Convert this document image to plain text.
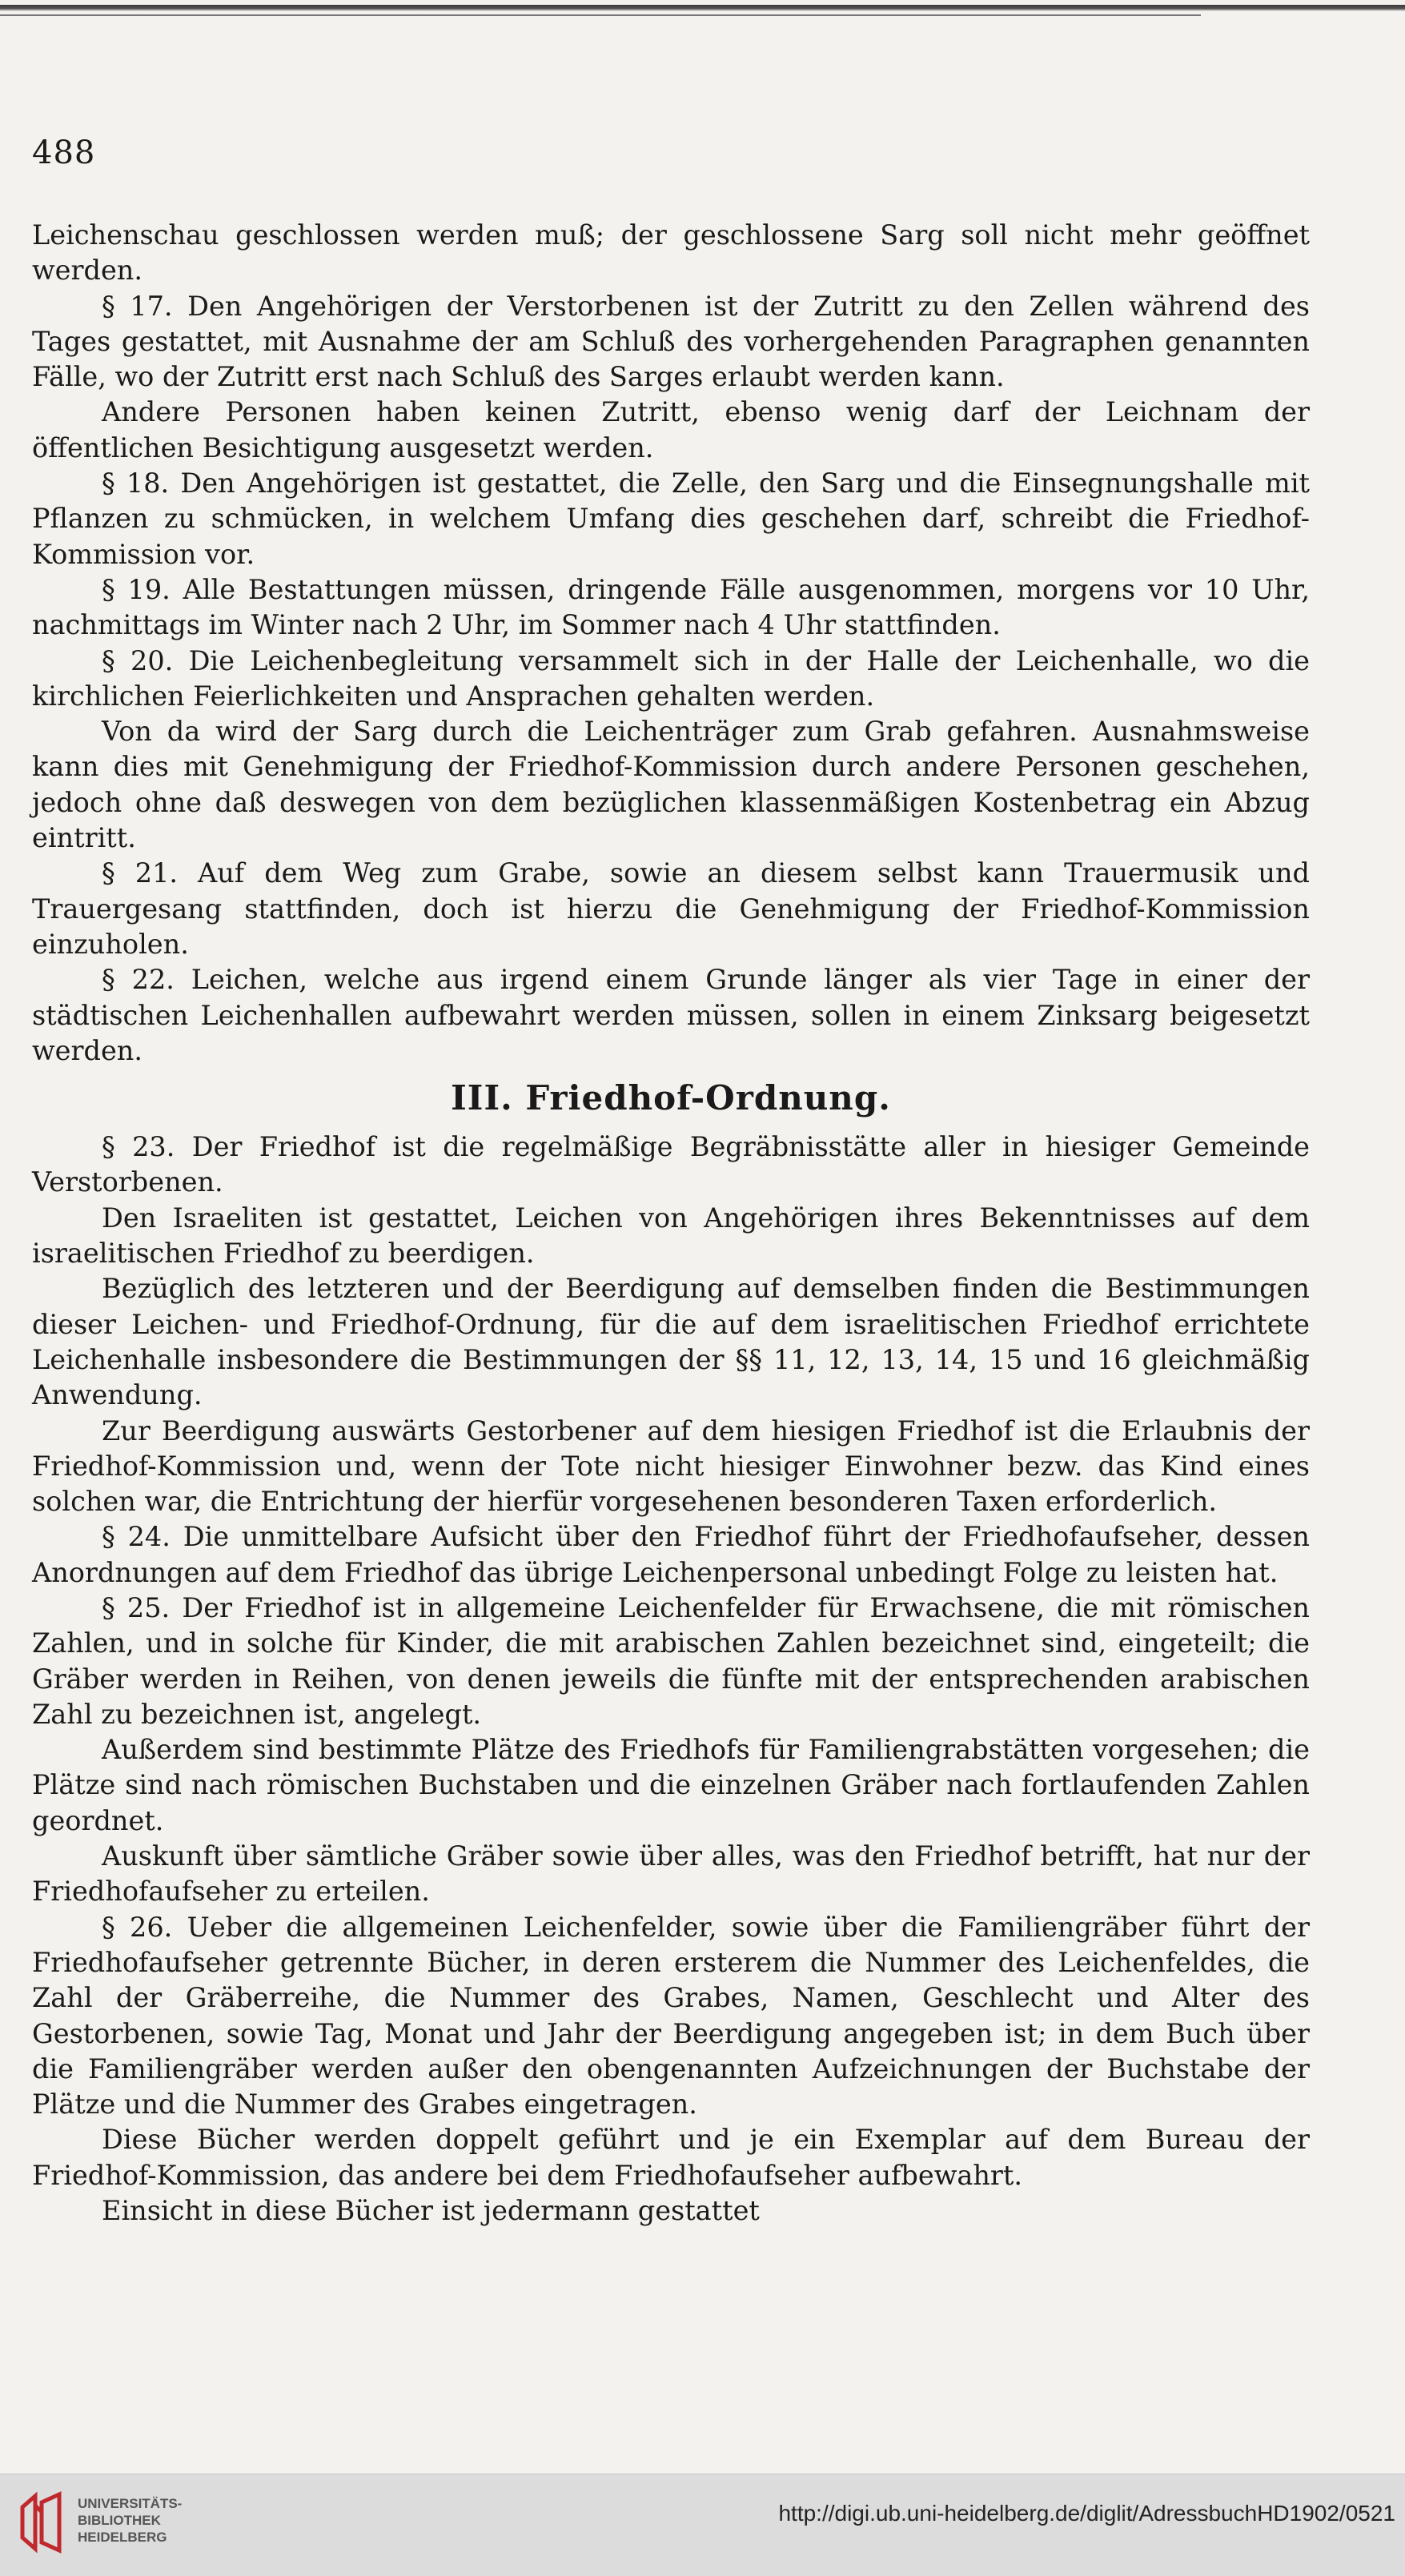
488

Leichenschau geschlossen werden muß; der geschlossene Sarg soll nicht mehr geöffnet werden.

§ 17. Den Angehörigen der Verstorbenen ist der Zutritt zu den Zellen während des Tages gestattet, mit Ausnahme der am Schluß des vorhergehenden Paragraphen genannten Fälle, wo der Zutritt erst nach Schluß des Sarges erlaubt werden kann.

Andere Personen haben keinen Zutritt, ebenso wenig darf der Leichnam der öffentlichen Besichtigung ausgesetzt werden.

§ 18. Den Angehörigen ist gestattet, die Zelle, den Sarg und die Einsegnungshalle mit Pflanzen zu schmücken, in welchem Umfang dies geschehen darf, schreibt die Friedhof-Kommission vor.

§ 19. Alle Bestattungen müssen, dringende Fälle ausgenommen, morgens vor 10 Uhr, nachmittags im Winter nach 2 Uhr, im Sommer nach 4 Uhr stattfinden.

§ 20. Die Leichenbegleitung versammelt sich in der Halle der Leichenhalle, wo die kirchlichen Feierlichkeiten und Ansprachen gehalten werden.

Von da wird der Sarg durch die Leichenträger zum Grab gefahren. Ausnahmsweise kann dies mit Genehmigung der Friedhof-Kommission durch andere Personen geschehen, jedoch ohne daß deswegen von dem bezüglichen klassenmäßigen Kostenbetrag ein Abzug eintritt.

§ 21. Auf dem Weg zum Grabe, sowie an diesem selbst kann Trauermusik und Trauergesang stattfinden, doch ist hierzu die Genehmigung der Friedhof-Kommission einzuholen.

§ 22. Leichen, welche aus irgend einem Grunde länger als vier Tage in einer der städtischen Leichenhallen aufbewahrt werden müssen, sollen in einem Zinksarg beigesetzt werden.

III. Friedhof-Ordnung.

§ 23. Der Friedhof ist die regelmäßige Begräbnisstätte aller in hiesiger Gemeinde Verstorbenen.

Den Israeliten ist gestattet, Leichen von Angehörigen ihres Bekenntnisses auf dem israelitischen Friedhof zu beerdigen.

Bezüglich des letzteren und der Beerdigung auf demselben finden die Bestimmungen dieser Leichen- und Friedhof-Ordnung, für die auf dem israelitischen Friedhof errichtete Leichenhalle insbesondere die Bestimmungen der §§ 11, 12, 13, 14, 15 und 16 gleichmäßig Anwendung.

Zur Beerdigung auswärts Gestorbener auf dem hiesigen Friedhof ist die Erlaubnis der Friedhof-Kommission und, wenn der Tote nicht hiesiger Einwohner bezw. das Kind eines solchen war, die Entrichtung der hierfür vorgesehenen besonderen Taxen erforderlich.

§ 24. Die unmittelbare Aufsicht über den Friedhof führt der Friedhofaufseher, dessen Anordnungen auf dem Friedhof das übrige Leichenpersonal unbedingt Folge zu leisten hat.

§ 25. Der Friedhof ist in allgemeine Leichenfelder für Erwachsene, die mit römischen Zahlen, und in solche für Kinder, die mit arabischen Zahlen bezeichnet sind, eingeteilt; die Gräber werden in Reihen, von denen jeweils die fünfte mit der entsprechenden arabischen Zahl zu bezeichnen ist, angelegt.

Außerdem sind bestimmte Plätze des Friedhofs für Familiengrabstätten vorgesehen; die Plätze sind nach römischen Buchstaben und die einzelnen Gräber nach fortlaufenden Zahlen geordnet.

Auskunft über sämtliche Gräber sowie über alles, was den Friedhof betrifft, hat nur der Friedhofaufseher zu erteilen.

§ 26. Ueber die allgemeinen Leichenfelder, sowie über die Familiengräber führt der Friedhofaufseher getrennte Bücher, in deren ersterem die Nummer des Leichenfeldes, die Zahl der Gräberreihe, die Nummer des Grabes, Namen, Geschlecht und Alter des Gestorbenen, sowie Tag, Monat und Jahr der Beerdigung angegeben ist; in dem Buch über die Familiengräber werden außer den obengenannten Aufzeichnungen der Buchstabe der Plätze und die Nummer des Grabes eingetragen.

Diese Bücher werden doppelt geführt und je ein Exemplar auf dem Bureau der Friedhof-Kommission, das andere bei dem Friedhofaufseher aufbewahrt.

Einsicht in diese Bücher ist jedermann gestattet

UNIVERSITÄTS-
BIBLIOTHEK
HEIDELBERG
http://digi.ub.uni-heidelberg.de/diglit/AdressbuchHD1902/0521
